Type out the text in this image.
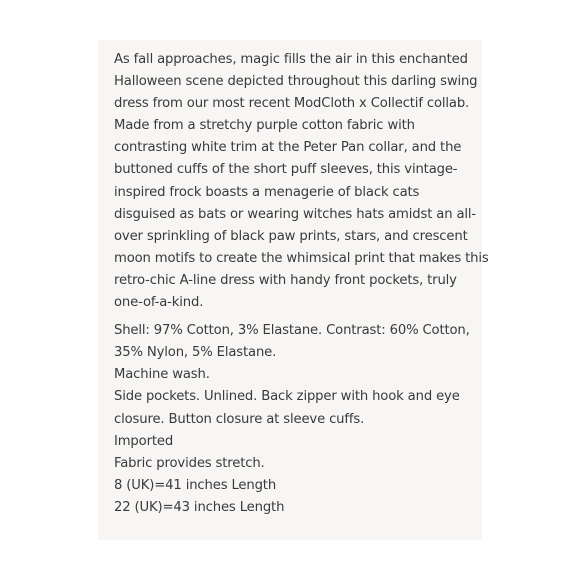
As fall approaches, magic fills the air in this enchanted
Halloween scene depicted throughout this darling swing
dress from our most recent ModCloth x Collectif collab.
Made from a stretchy purple cotton fabric with
contrasting white trim at the Peter Pan collar, and the
buttoned cuffs of the short puff sleeves, this vintage-
inspired frock boasts a menagerie of black cats
disguised as bats or wearing witches hats amidst an all-
over sprinkling of black paw prints, stars, and crescent
moon motifs to create the whimsical print that makes this
retro-chic A-line dress with handy front pockets, truly
one-of-a-kind.

Shell: 97% Cotton, 3% Elastane. Contrast: 60% Cotton,
35% Nylon, 5% Elastane.
Machine wash.
Side pockets. Unlined. Back zipper with hook and eye
closure. Button closure at sleeve cuffs.
Imported
Fabric provides stretch.
8 (UK)=41 inches Length
22 (UK)=43 inches Length
